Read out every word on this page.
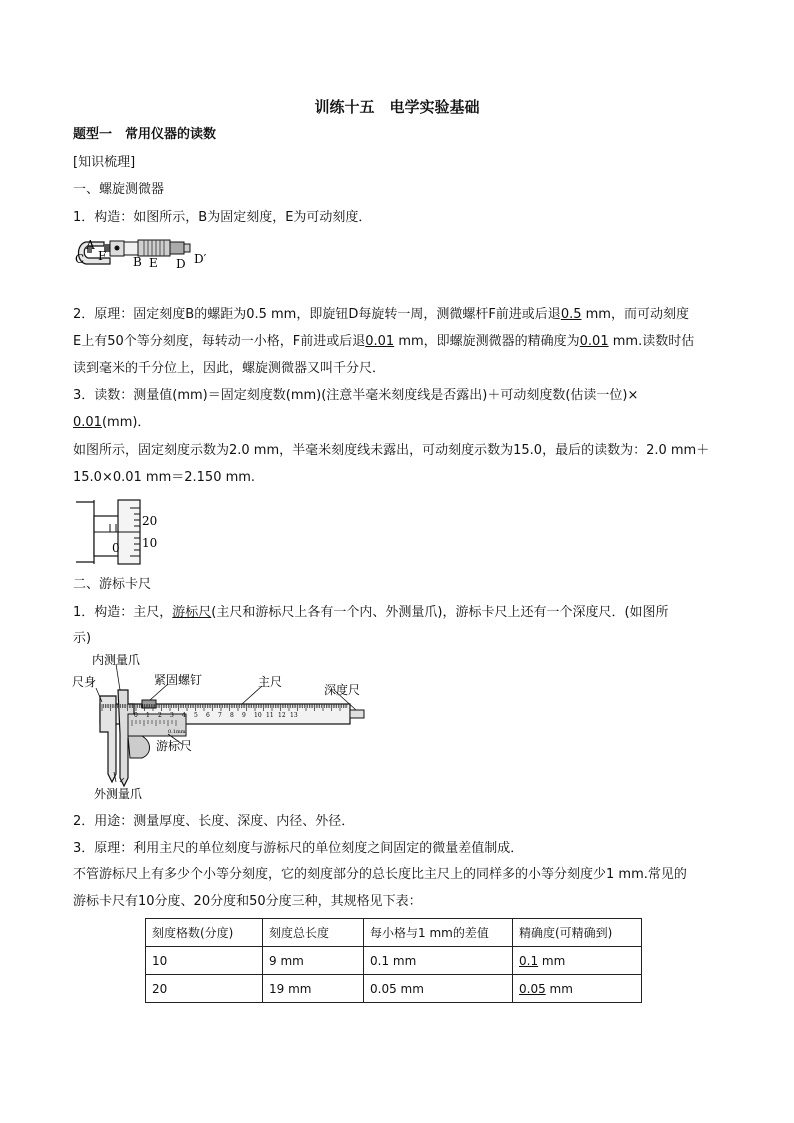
训练十五　电学实验基础
题型一　常用仪器的读数
[知识梳理]
一、螺旋测微器
1．构造：如图所示，B为固定刻度，E为可动刻度．
A
C F B E D D′
2．原理：固定刻度B的螺距为0.5 mm，即旋钮D每旋转一周，测微螺杆F前进或后退0.5 mm，而可动刻度
E上有50个等分刻度，每转动一小格，F前进或后退0.01 mm，即螺旋测微器的精确度为0.01 mm.读数时估
读到毫米的千分位上，因此，螺旋测微器又叫千分尺．
3．读数：测量值(mm)＝固定刻度数(mm)(注意半毫米刻度线是否露出)＋可动刻度数(估读一位)×
0.01(mm)．
如图所示，固定刻度示数为2.0 mm，半毫米刻度线未露出，可动刻度示数为15.0，最后的读数为：2.0 mm＋
15.0×0.01 mm＝2.150 mm.
20
10
0
二、游标卡尺
1．构造：主尺，游标尺(主尺和游标尺上各有一个内、外测量爪)，游标卡尺上还有一个深度尺．(如图所
示)
0 1 2 3 4 5 6 7 8 9 10 11 12 13
0.1mm
内测量爪
尺身	紧固螺钉	主尺
深度尺
游标尺
外测量爪
2．用途：测量厚度、长度、深度、内径、外径．
3．原理：利用主尺的单位刻度与游标尺的单位刻度之间固定的微量差值制成．
不管游标尺上有多少个小等分刻度，它的刻度部分的总长度比主尺上的同样多的小等分刻度少1 mm.常见的
游标卡尺有10分度、20分度和50分度三种，其规格见下表：
刻度格数(分度)	刻度总长度	每小格与1 mm的差值	精确度(可精确到)
10	9 mm	0.1 mm	0.1 mm
20	19 mm	0.05 mm	0.05 mm
